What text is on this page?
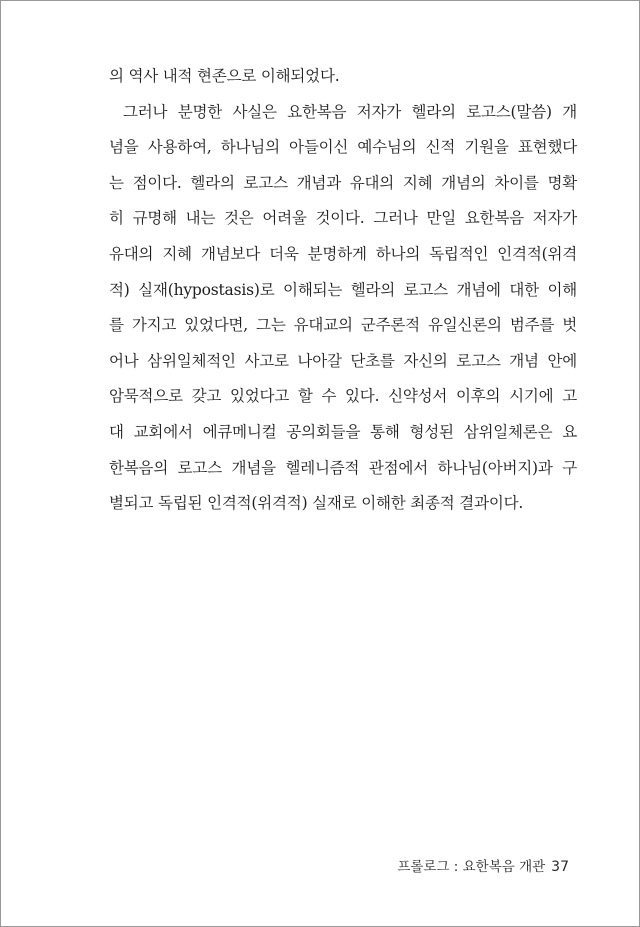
의 역사 내적 현존으로 이해되었다.
그러나 분명한 사실은 요한복음 저자가 헬라의 로고스(말씀) 개
념을 사용하여, 하나님의 아들이신 예수님의 신적 기원을 표현했다
는 점이다. 헬라의 로고스 개념과 유대의 지혜 개념의 차이를 명확
히 규명해 내는 것은 어려울 것이다. 그러나 만일 요한복음 저자가
유대의 지혜 개념보다 더욱 분명하게 하나의 독립적인 인격적(위격
적) 실재(hypostasis)로 이해되는 헬라의 로고스 개념에 대한 이해
를 가지고 있었다면, 그는 유대교의 군주론적 유일신론의 범주를 벗
어나 삼위일체적인 사고로 나아갈 단초를 자신의 로고스 개념 안에
암묵적으로 갖고 있었다고 할 수 있다. 신약성서 이후의 시기에 고
대 교회에서 에큐메니컬 공의회들을 통해 형성된 삼위일체론은 요
한복음의 로고스 개념을 헬레니즘적 관점에서 하나님(아버지)과 구
별되고 독립된 인격적(위격적) 실재로 이해한 최종적 결과이다.
프롤로그 : 요한복음 개관 37
